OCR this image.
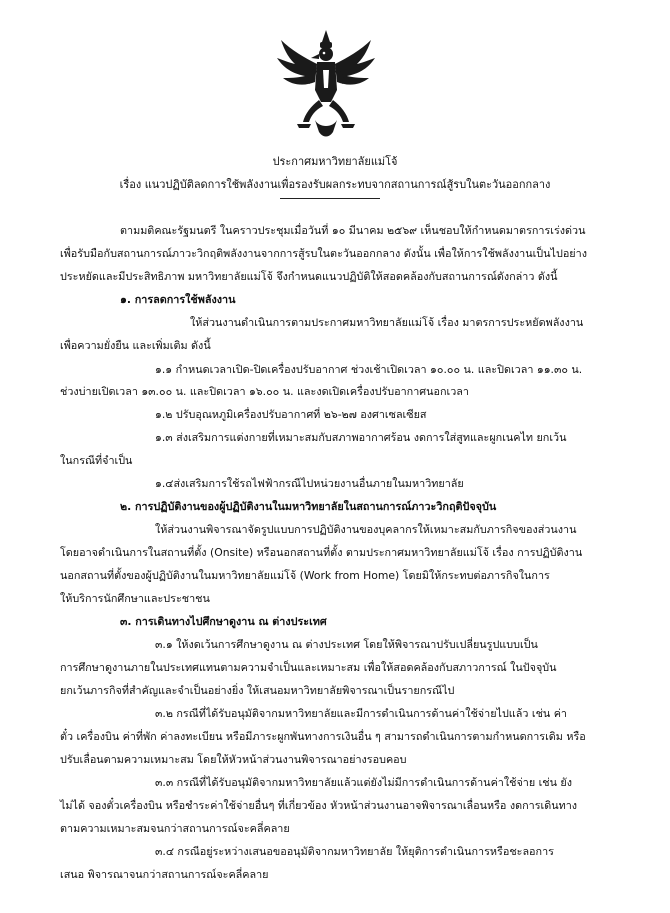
ประกาศมหาวิทยาลัยแม่โจ้
เรื่อง แนวปฏิบัติลดการใช้พลังงานเพื่อรองรับผลกระทบจากสถานการณ์สู้รบในตะวันออกกลาง
ตามมติคณะรัฐมนตรี ในคราวประชุมเมื่อวันที่ ๑๐ มีนาคม ๒๕๖๙ เห็นชอบให้กำหนดมาตรการเร่งด่วน
เพื่อรับมือกับสถานการณ์ภาวะวิกฤติพลังงานจากการสู้รบในตะวันออกกลาง ดังนั้น เพื่อให้การใช้พลังงานเป็นไปอย่าง
ประหยัดและมีประสิทธิภาพ มหาวิทยาลัยแม่โจ้ จึงกำหนดแนวปฏิบัติให้สอดคล้องกับสถานการณ์ดังกล่าว ดังนี้
๑. การลดการใช้พลังงาน
ให้ส่วนงานดำเนินการตามประกาศมหาวิทยาลัยแม่โจ้ เรื่อง มาตรการประหยัดพลังงาน
เพื่อความยั่งยืน และเพิ่มเติม ดังนี้
๑.๑ กำหนดเวลาเปิด-ปิดเครื่องปรับอากาศ ช่วงเช้าเปิดเวลา ๑๐.๐๐ น. และปิดเวลา ๑๑.๓๐ น.
ช่วงบ่ายเปิดเวลา ๑๓.๐๐ น. และปิดเวลา ๑๖.๐๐ น. และงดเปิดเครื่องปรับอากาศนอกเวลา
๑.๒ ปรับอุณหภูมิเครื่องปรับอากาศที่ ๒๖-๒๗ องศาเซลเซียส
๑.๓ ส่งเสริมการแต่งกายที่เหมาะสมกับสภาพอากาศร้อน งดการใส่สูทและผูกเนคไท ยกเว้น
ในกรณีที่จำเป็น
๑.๔ส่งเสริมการใช้รถไฟฟ้ากรณีไปหน่วยงานอื่นภายในมหาวิทยาลัย
๒. การปฏิบัติงานของผู้ปฏิบัติงานในมหาวิทยาลัยในสถานการณ์ภาวะวิกฤติปัจจุบัน
ให้ส่วนงานพิจารณาจัดรูปแบบการปฏิบัติงานของบุคลากรให้เหมาะสมกับภารกิจของส่วนงาน
โดยอาจดำเนินการในสถานที่ตั้ง (Onsite) หรือนอกสถานที่ตั้ง ตามประกาศมหาวิทยาลัยแม่โจ้ เรื่อง การปฏิบัติงาน
นอกสถานที่ตั้งของผู้ปฏิบัติงานในมหาวิทยาลัยแม่โจ้ (Work from Home) โดยมิให้กระทบต่อภารกิจในการ
ให้บริการนักศึกษาและประชาชน
๓. การเดินทางไปศึกษาดูงาน ณ ต่างประเทศ
๓.๑ ให้งดเว้นการศึกษาดูงาน ณ ต่างประเทศ โดยให้พิจารณาปรับเปลี่ยนรูปแบบเป็น
การศึกษาดูงานภายในประเทศแทนตามความจำเป็นและเหมาะสม เพื่อให้สอดคล้องกับสภาวการณ์ ในปัจจุบัน
ยกเว้นภารกิจที่สำคัญและจำเป็นอย่างยิ่ง ให้เสนอมหาวิทยาลัยพิจารณาเป็นรายกรณีไป
๓.๒ กรณีที่ได้รับอนุมัติจากมหาวิทยาลัยและมีการดำเนินการด้านค่าใช้จ่ายไปแล้ว เช่น ค่า
ตั๋ว เครื่องบิน ค่าที่พัก ค่าลงทะเบียน หรือมีภาระผูกพันทางการเงินอื่น ๆ สามารถดำเนินการตามกำหนดการเดิม หรือ
ปรับเลื่อนตามความเหมาะสม โดยให้หัวหน้าส่วนงานพิจารณาอย่างรอบคอบ
๓.๓ กรณีที่ได้รับอนุมัติจากมหาวิทยาลัยแล้วแต่ยังไม่มีการดำเนินการด้านค่าใช้จ่าย เช่น ยัง
ไม่ได้ จองตั๋วเครื่องบิน หรือชำระค่าใช้จ่ายอื่นๆ ที่เกี่ยวข้อง หัวหน้าส่วนงานอาจพิจารณาเลื่อนหรือ งดการเดินทาง
ตามความเหมาะสมจนกว่าสถานการณ์จะคลี่คลาย
๓.๔ กรณีอยู่ระหว่างเสนอขออนุมัติจากมหาวิทยาลัย ให้ยุติการดำเนินการหรือชะลอการ
เสนอ พิจารณาจนกว่าสถานการณ์จะคลี่คลาย
